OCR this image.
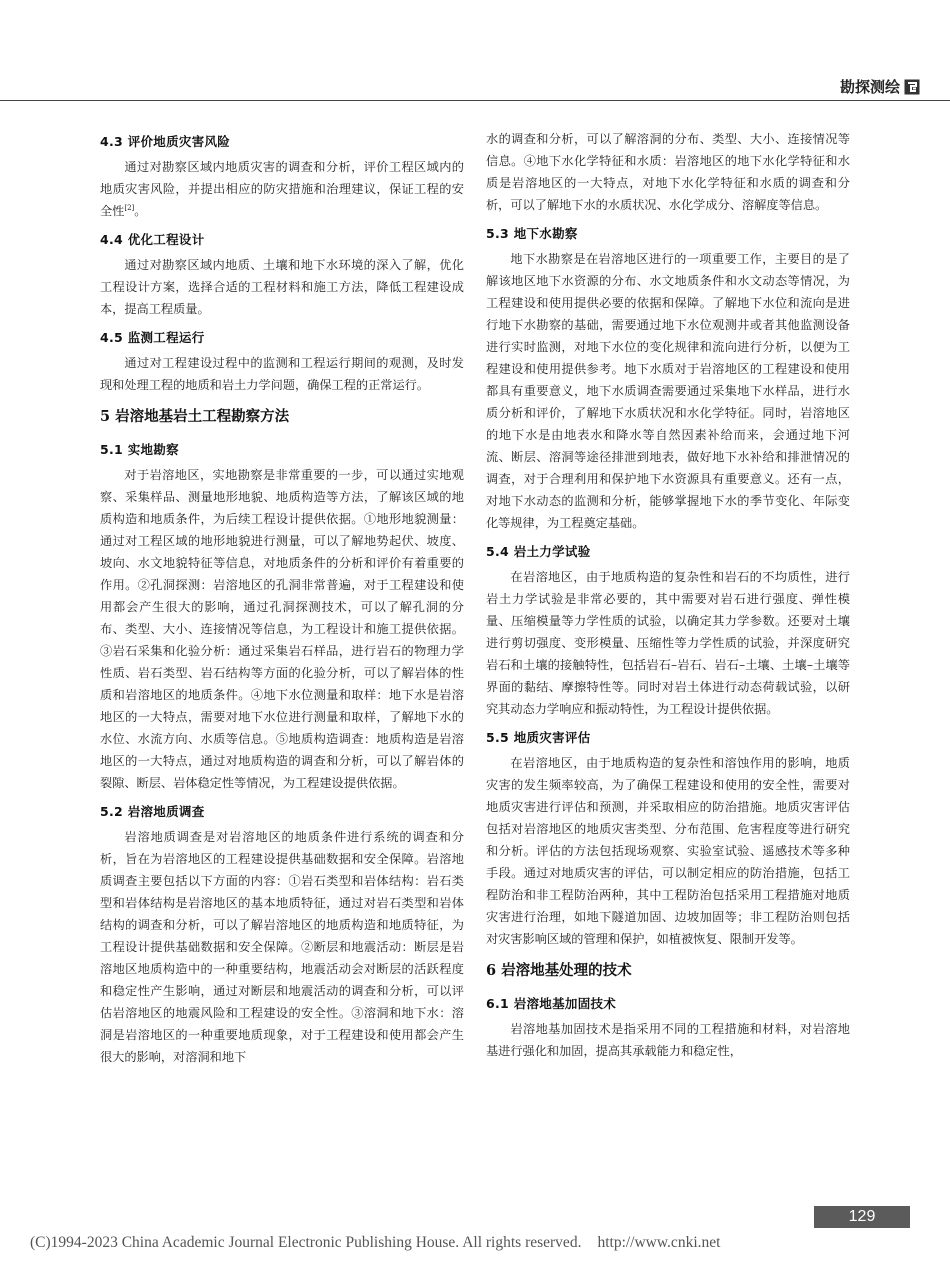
勘探测绘
4.3 评价地质灾害风险

通过对勘察区域内地质灾害的调查和分析，评价工程区域内的地质灾害风险，并提出相应的防灾措施和治理建议，保证工程的安全性[2]。

4.4 优化工程设计

通过对勘察区域内地质、土壤和地下水环境的深入了解，优化工程设计方案，选择合适的工程材料和施工方法，降低工程建设成本，提高工程质量。

4.5 监测工程运行

通过对工程建设过程中的监测和工程运行期间的观测，及时发现和处理工程的地质和岩土力学问题，确保工程的正常运行。

5 岩溶地基岩土工程勘察方法
5.1 实地勘察

对于岩溶地区，实地勘察是非常重要的一步，可以通过实地观察、采集样品、测量地形地貌、地质构造等方法，了解该区域的地质构造和地质条件，为后续工程设计提供依据。①地形地貌测量：通过对工程区域的地形地貌进行测量，可以了解地势起伏、坡度、坡向、水文地貌特征等信息，对地质条件的分析和评价有着重要的作用。②孔洞探测：岩溶地区的孔洞非常普遍，对于工程建设和使用都会产生很大的影响，通过孔洞探测技术，可以了解孔洞的分布、类型、大小、连接情况等信息，为工程设计和施工提供依据。③岩石采集和化验分析：通过采集岩石样品，进行岩石的物理力学性质、岩石类型、岩石结构等方面的化验分析，可以了解岩体的性质和岩溶地区的地质条件。④地下水位测量和取样：地下水是岩溶地区的一大特点，需要对地下水位进行测量和取样，了解地下水的水位、水流方向、水质等信息。⑤地质构造调查：地质构造是岩溶地区的一大特点，通过对地质构造的调查和分析，可以了解岩体的裂隙、断层、岩体稳定性等情况，为工程建设提供依据。

5.2 岩溶地质调查

岩溶地质调查是对岩溶地区的地质条件进行系统的调查和分析，旨在为岩溶地区的工程建设提供基础数据和安全保障。岩溶地质调查主要包括以下方面的内容：①岩石类型和岩体结构：岩石类型和岩体结构是岩溶地区的基本地质特征，通过对岩石类型和岩体结构的调查和分析，可以了解岩溶地区的地质构造和地质特征，为工程设计提供基础数据和安全保障。②断层和地震活动：断层是岩溶地区地质构造中的一种重要结构，地震活动会对断层的活跃程度和稳定性产生影响，通过对断层和地震活动的调查和分析，可以评估岩溶地区的地震风险和工程建设的安全性。③溶洞和地下水：溶洞是岩溶地区的一种重要地质现象，对于工程建设和使用都会产生很大的影响，对溶洞和地下

水的调查和分析，可以了解溶洞的分布、类型、大小、连接情况等信息。④地下水化学特征和水质：岩溶地区的地下水化学特征和水质是岩溶地区的一大特点，对地下水化学特征和水质的调查和分析，可以了解地下水的水质状况、水化学成分、溶解度等信息。

5.3 地下水勘察

地下水勘察是在岩溶地区进行的一项重要工作，主要目的是了解该地区地下水资源的分布、水文地质条件和水文动态等情况，为工程建设和使用提供必要的依据和保障。了解地下水位和流向是进行地下水勘察的基础，需要通过地下水位观测井或者其他监测设备进行实时监测，对地下水位的变化规律和流向进行分析，以便为工程建设和使用提供参考。地下水质对于岩溶地区的工程建设和使用都具有重要意义，地下水质调查需要通过采集地下水样品，进行水质分析和评价，了解地下水质状况和水化学特征。同时，岩溶地区的地下水是由地表水和降水等自然因素补给而来，会通过地下河流、断层、溶洞等途径排泄到地表，做好地下水补给和排泄情况的调查，对于合理利用和保护地下水资源具有重要意义。还有一点，对地下水动态的监测和分析，能够掌握地下水的季节变化、年际变化等规律，为工程奠定基础。

5.4 岩土力学试验

在岩溶地区，由于地质构造的复杂性和岩石的不均质性，进行岩土力学试验是非常必要的，其中需要对岩石进行强度、弹性模量、压缩模量等力学性质的试验，以确定其力学参数。还要对土壤进行剪切强度、变形模量、压缩性等力学性质的试验，并深度研究岩石和土壤的接触特性，包括岩石–岩石、岩石–土壤、土壤–土壤等界面的黏结、摩擦特性等。同时对岩土体进行动态荷载试验，以研究其动态力学响应和振动特性，为工程设计提供依据。

5.5 地质灾害评估

在岩溶地区，由于地质构造的复杂性和溶蚀作用的影响，地质灾害的发生频率较高，为了确保工程建设和使用的安全性，需要对地质灾害进行评估和预测，并采取相应的防治措施。地质灾害评估包括对岩溶地区的地质灾害类型、分布范围、危害程度等进行研究和分析。评估的方法包括现场观察、实验室试验、遥感技术等多种手段。通过对地质灾害的评估，可以制定相应的防治措施，包括工程防治和非工程防治两种，其中工程防治包括采用工程措施对地质灾害进行治理，如地下隧道加固、边坡加固等；非工程防治则包括对灾害影响区域的管理和保护，如植被恢复、限制开发等。

6 岩溶地基处理的技术
6.1 岩溶地基加固技术

岩溶地基加固技术是指采用不同的工程措施和材料，对岩溶地基进行强化和加固，提高其承载能力和稳定性，

129
(C)1994-2023 China Academic Journal Electronic Publishing House. All rights reserved. http://www.cnki.net
